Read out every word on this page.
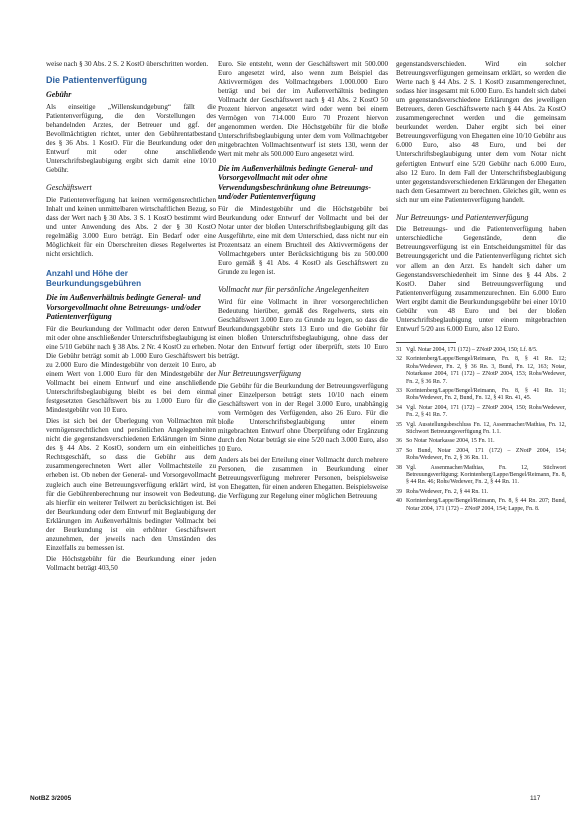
weise nach § 30 Abs. 2 S. 2 KostO überschritten worden.

Die Patientenverfügung
Gebühr

Als einseitige „Willenskundgebung“ fällt die Patientenverfügung, die den Vorstellungen des behandelnden Arztes, der Betreuer und ggf. der Bevollmächtigten richtet, unter den Gebührentatbestand des § 36 Abs. 1 KostO. Für die Beurkundung oder den Entwurf mit oder ohne anschließende Unterschriftsbeglaubigung ergibt sich damit eine 10/10 Gebühr.

Geschäftswert

Die Patientenverfügung hat keinen vermögensrechtlichen Inhalt und keinen unmittelbaren wirtschaftlichen Bezug, so dass der Wert nach § 30 Abs. 3 S. 1 KostO bestimmt wird und unter Anwendung des Abs. 2 der § 30 KostO regelmäßig 3.000 Euro beträgt. Ein Bedarf oder eine Möglichkeit für ein Überschreiten dieses Regelwertes ist nicht ersichtlich.

Anzahl und Höhe der Beurkundungsgebühren
Die im Außenverhältnis bedingte General- und Vorsorgevollmacht ohne Betreuungs- und/oder Patientenverfügung

Für die Beurkundung der Vollmacht oder deren Entwurf mit oder ohne anschließender Unterschriftsbeglaubigung ist eine 5/10 Gebühr nach § 38 Abs. 2 Nr. 4 KostO zu erheben. Die Gebühr beträgt somit ab 1.000 Euro Geschäftswert bis zu 2.000 Euro die Mindestgebühr von derzeit 10 Euro, ab einem Wert von 1.000 Euro für den Mindestgebühr der Vollmacht bei einem Entwurf und eine anschließende Unterschriftsbeglaubigung bleibt es bei dem einmal festgesetzten Geschäftswert bis zu 1.000 Euro für die Mindestgebühr von 10 Euro.

Dies ist sich bei der Überlegung von Vollmachten mit vermögensrechtlichen und persönlichen Angelegenheiten nicht die gegenstandsverschiedenen Erklärungen im Sinne des § 44 Abs. 2 KostO, sondern um ein einheitliches Rechtsgeschäft, so dass die Gebühr aus dem zusammengerechneten Wert aller Vollmachtsteile zu erheben ist. Ob neben der General- und Vorsorgevollmacht zugleich auch eine Betreuungsverfügung erklärt wird, ist für die Gebührenberechnung nur insoweit von Bedeutung, als hierfür ein weiterer Teilwert zu berücksichtigen ist. Bei der Beurkundung oder dem Entwurf mit Beglaubigung der Erklärungen im Außenverhältnis bedingter Vollmacht bei der Beurkundung ist ein erhöhter Geschäftswert anzunehmen, der jeweils nach den Umständen des Einzelfalls zu bemessen ist.

Die Höchstgebühr für die Beurkundung einer jeden Vollmacht beträgt 403,50

Euro. Sie entsteht, wenn der Geschäftswert mit 500.000 Euro angesetzt wird, also wenn zum Beispiel das Aktivvermögen des Vollmachtgebers 1.000.000 Euro beträgt und bei der im Außenverhältnis bedingten Vollmacht der Geschäftswert nach § 41 Abs. 2 KostO 50 Prozent hiervon angesetzt wird oder wenn bei einem Vermögen von 714.000 Euro 70 Prozent hiervon angenommen werden. Die Höchstgebühr für die bloße Unterschriftsbeglaubigung unter dem vom Vollmachtgeber mitgebrachten Vollmachtsentwurf ist stets 130, wenn der Wert mit mehr als 500.000 Euro angesetzt wird.

Die im Außenverhältnis bedingte General- und Vorsorgevollmacht mit oder ohne Verwendungsbeschränkung ohne Betreuungs- und/oder Patientenverfügung

Für die Mindestgebühr und die Höchstgebühr bei Beurkundung oder Entwurf der Vollmacht und bei der Notar unter der bloßen Unterschriftsbeglaubigung gilt das Ausgeführte, eine mit dem Unterschied, dass nicht nur ein Prozentsatz an einem Bruchteil des Aktivvermögens der Vollmachtgebers unter Berücksichtigung bis zu 500.000 Euro gemäß § 41 Abs. 4 KostO als Geschäftswert zu Grunde zu legen ist.

Vollmacht nur für persönliche Angelegenheiten

Wird für eine Vollmacht in ihrer vorsorgerechtlichen Bedeutung hierüber, gemäß des Regelwerts, stets ein Geschäftswert 3.000 Euro zu Grunde zu legen, so dass die Beurkundungsgebühr stets 13 Euro und die Gebühr für einen bloßen Unterschriftsbeglaubigung, ohne dass der Notar den Entwurf fertigt oder überprüft, stets 10 Euro beträgt.

Nur Betreuungsverfügung

Die Gebühr für die Beurkundung der Betreuungsverfügung einer Einzelperson beträgt stets 10/10 nach einem Geschäftswert von in der Regel 3.000 Euro, unabhängig vom Vermögen des Verfügenden, also 26 Euro. Für die bloße Unterschriftsbeglaubigung unter einem mitgebrachten Entwurf ohne Überprüfung oder Ergänzung durch den Notar beträgt sie eine 5/20 nach 3.000 Euro, also 10 Euro.

Anders als bei der Erteilung einer Vollmacht durch mehrere Personen, die zusammen in Beurkundung einer Betreuungsverfügung mehrerer Personen, beispielsweise von Ehegatten, für einen anderen Ehegatten. Beispielsweise die Verfügung zur Regelung einer möglichen Betreuung

gegenstandsverschieden. Wird ein solcher Betreuungsverfügungen gemeinsam erklärt, so werden die Werte nach § 44 Abs. 2 S. 1 KostO zusammengerechnet, sodass hier insgesamt mit 6.000 Euro. Es handelt sich dabei um gegenstandsverschiedene Erklärungen des jeweiligen Betreuers, deren Geschäftswerte nach § 44 Abs. 2a KostO zusammengerechnet werden und die gemeinsam beurkundet werden. Daher ergibt sich bei einer Betreuungsverfügung von Ehegatten eine 10/10 Gebühr aus 6.000 Euro, also 48 Euro, und bei der Unterschriftsbeglaubigung unter dem vom Notar nicht gefertigten Entwurf eine 5/20 Gebühr nach 6.000 Euro, also 12 Euro. In dem Fall der Unterschriftsbeglaubigung unter gegenstandsverschiedenen Erklärungen der Ehegatten nach dem Gesamtwert zu berechnen. Gleiches gilt, wenn es sich nur um eine Patientenverfügung handelt.

Nur Betreuungs- und Patientenverfügung

Die Betreuungs- und die Patientenverfügung haben unterschiedliche Gegenstände, denn die Betreuungsverfügung ist ein Entscheidungsmittel für das Betreuungsgericht und die Patientenverfügung richtet sich vor allem an den Arzt. Es handelt sich daher um Gegenstandsverschiedenheit im Sinne des § 44 Abs. 2 KostO. Daher sind Betreuungsverfügung und Patientenverfügung zusammenzurechnen. Ein 6.000 Euro Wert ergibt damit die Beurkundungsgebühr bei einer 10/10 Gebühr von 48 Euro und bei der bloßen Unterschriftsbeglaubigung unter einem mitgebrachten Entwurf 5/20 aus 6.000 Euro, also 12 Euro.

31 Vgl. Notar 2004, 171 (172) – ZNotP 2004, 150; Lf. 8/5.

32 Korintenberg/Lappe/Bengel/Reimann, Fn. 8, § 41 Rn. 12; Rohs/Wedewer, Fn. 2, § 36 Rn. 3, Bund, Fn. 12, 163; Notar, Notarkasse 2004, 171 (172) – ZNotP 2004, 153; Rohs/Wedewer, Fn. 2, § 36 Rn. 7.

33 Korintenberg/Lappe/Bengel/Reimann, Fn. 8, § 41 Rn. 11; Rohs/Wedewer, Fn. 2, Bund, Fn. 12, § 41 Rn. 41, 45.

34 Vgl. Notar 2004, 171 (172) – ZNotP 2004, 150; Rohs/Wedewer, Fn. 2, § 41 Rn. 7.

35 Vgl. Ausstellungsbeschluss Fn. 12, Assenmacher/Mathias, Fn. 12, Stichwort Betreuungsverfügung Fn. 1.1.

36 So Notar Notarkasse 2004, 15 Fn. 11.

37 So Bund, Notar 2004, 171 (172) – ZNotP 2004, 154; Rohs/Wedewer, Fn. 2, § 36 Rn. 11.

38 Vgl. Assenmacher/Mathias, Fn. 12, Stichwort Betreuungsverfügung; Korintenberg/Lappe/Bengel/Reimann, Fn. 8, § 44 Rn. 46; Rohs/Wedewer, Fn. 2, § 44 Rn. 11.

39 Rohs/Wedewer, Fn. 2, § 44 Rn. 11.

40 Korintenberg/Lappe/Bengel/Reimann, Fn. 8, § 44 Rn. 207; Bund, Notar 2004, 171 (172) – ZNotP 2004, 154; Lappe, Fn. 8.

NotBZ 3/2005	117
